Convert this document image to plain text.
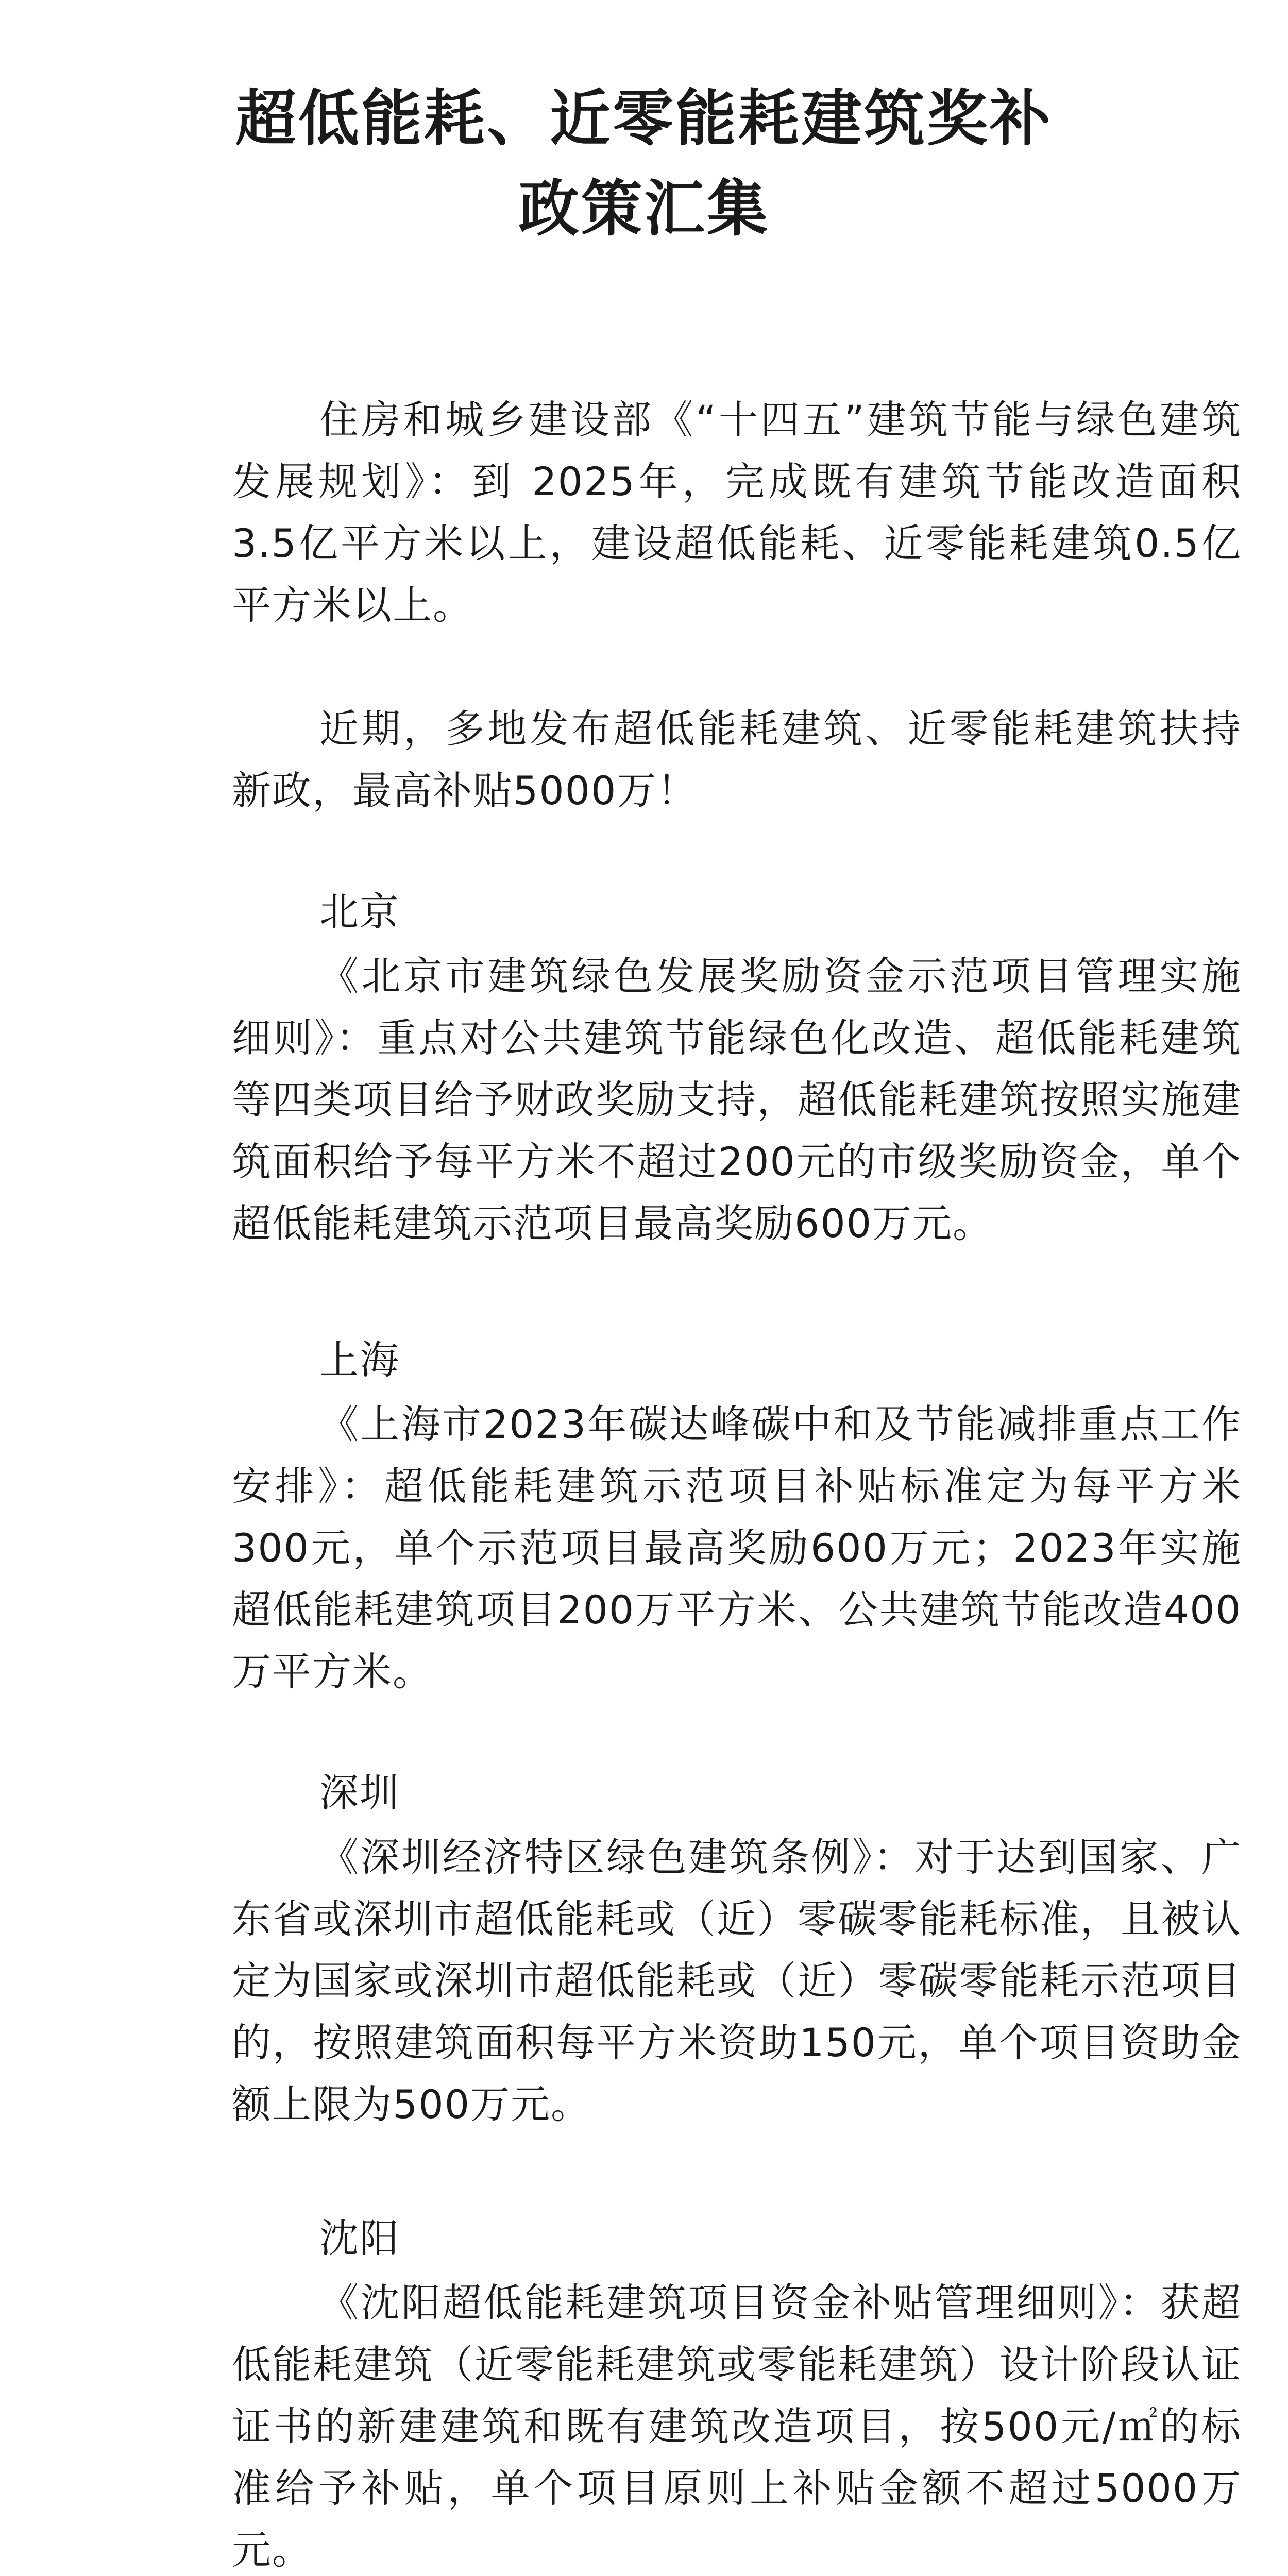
超低能耗、近零能耗建筑奖补
政策汇集

住房和城乡建设部《“十四五”建筑节能与绿色建筑发展规划》：到 2025年，完成既有建筑节能改造面积 3.5亿平方米以上，建设超低能耗、近零能耗建筑0.5亿平方米以上。

近期，多地发布超低能耗建筑、近零能耗建筑扶持新政，最高补贴5000万！

北京

《北京市建筑绿色发展奖励资金示范项目管理实施细则》：重点对公共建筑节能绿色化改造、超低能耗建筑等四类项目给予财政奖励支持，超低能耗建筑按照实施建筑面积给予每平方米不超过200元的市级奖励资金，单个超低能耗建筑示范项目最高奖励600万元。

上海

《上海市2023年碳达峰碳中和及节能减排重点工作安排》：超低能耗建筑示范项目补贴标准定为每平方米300元，单个示范项目最高奖励600万元；2023年实施超低能耗建筑项目200万平方米、公共建筑节能改造400万平方米。

深圳

《深圳经济特区绿色建筑条例》：对于达到国家、广东省或深圳市超低能耗或（近）零碳零能耗标准，且被认定为国家或深圳市超低能耗或（近）零碳零能耗示范项目的，按照建筑面积每平方米资助150元，单个项目资助金额上限为500万元。

沈阳

《沈阳超低能耗建筑项目资金补贴管理细则》：获超低能耗建筑（近零能耗建筑或零能耗建筑）设计阶段认证证书的新建建筑和既有建筑改造项目，按500元/㎡的标准给予补贴，单个项目原则上补贴金额不超过5000万元。
